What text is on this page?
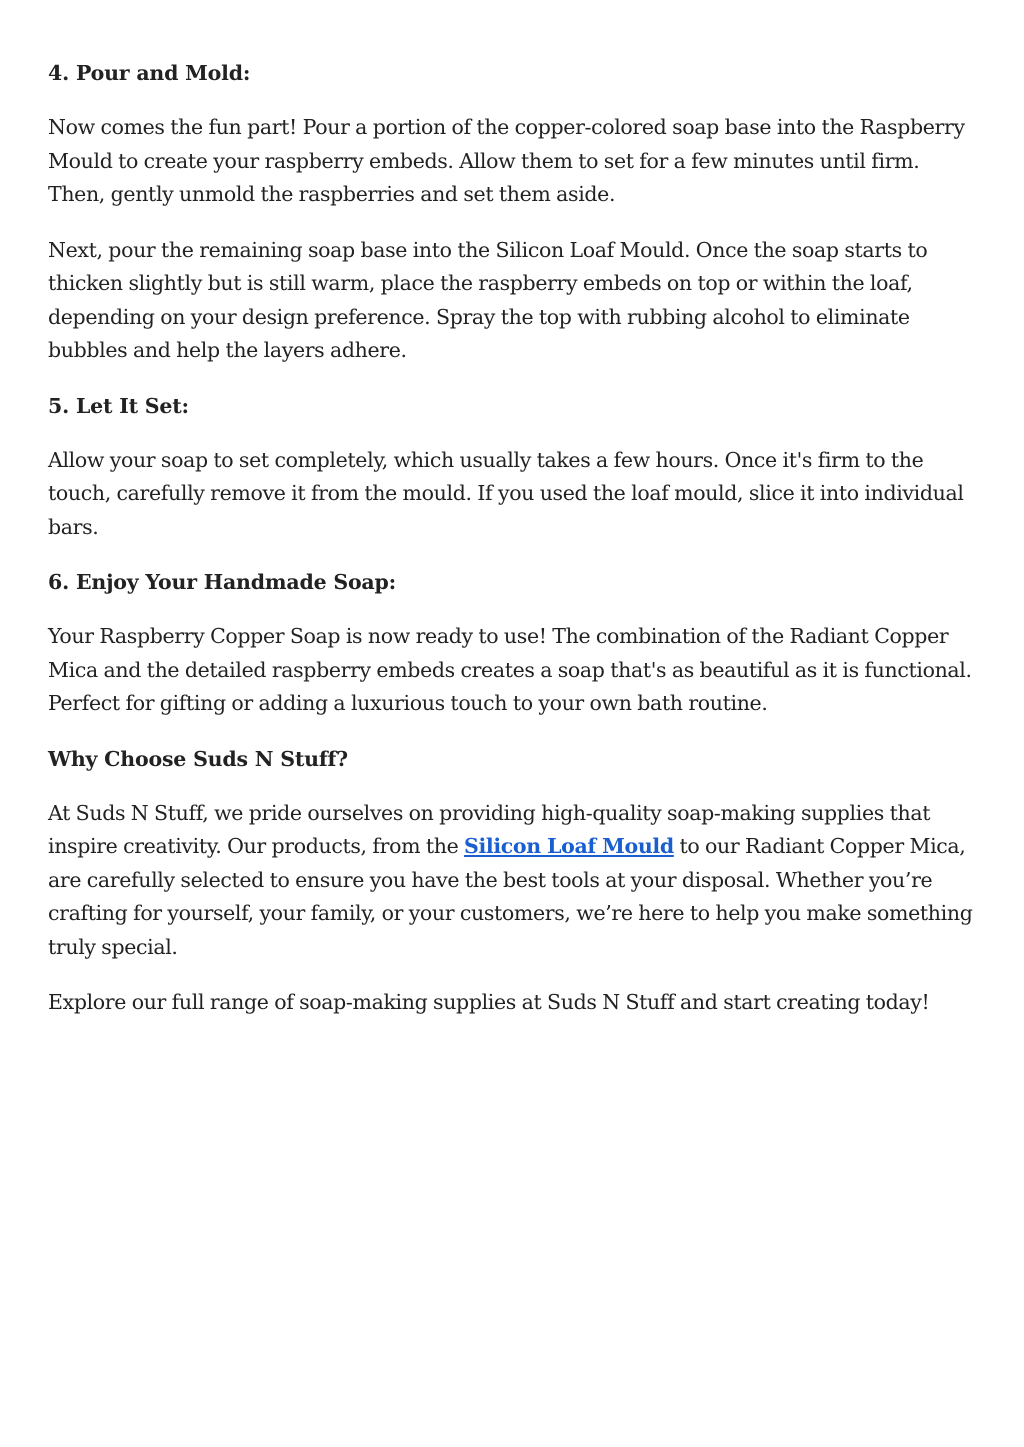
4. Pour and Mold:

Now comes the fun part! Pour a portion of the copper-colored soap base into the Raspberry Mould to create your raspberry embeds. Allow them to set for a few minutes until firm. Then, gently unmold the raspberries and set them aside.

Next, pour the remaining soap base into the Silicon Loaf Mould. Once the soap starts to thicken slightly but is still warm, place the raspberry embeds on top or within the loaf, depending on your design preference. Spray the top with rubbing alcohol to eliminate bubbles and help the layers adhere.

5. Let It Set:

Allow your soap to set completely, which usually takes a few hours. Once it's firm to the touch, carefully remove it from the mould. If you used the loaf mould, slice it into individual bars.

6. Enjoy Your Handmade Soap:

Your Raspberry Copper Soap is now ready to use! The combination of the Radiant Copper Mica and the detailed raspberry embeds creates a soap that's as beautiful as it is functional. Perfect for gifting or adding a luxurious touch to your own bath routine.

Why Choose Suds N Stuff?

At Suds N Stuff, we pride ourselves on providing high-quality soap-making supplies that inspire creativity. Our products, from the Silicon Loaf Mould to our Radiant Copper Mica, are carefully selected to ensure you have the best tools at your disposal. Whether you’re crafting for yourself, your family, or your customers, we’re here to help you make something truly special.

Explore our full range of soap-making supplies at Suds N Stuff and start creating today!
